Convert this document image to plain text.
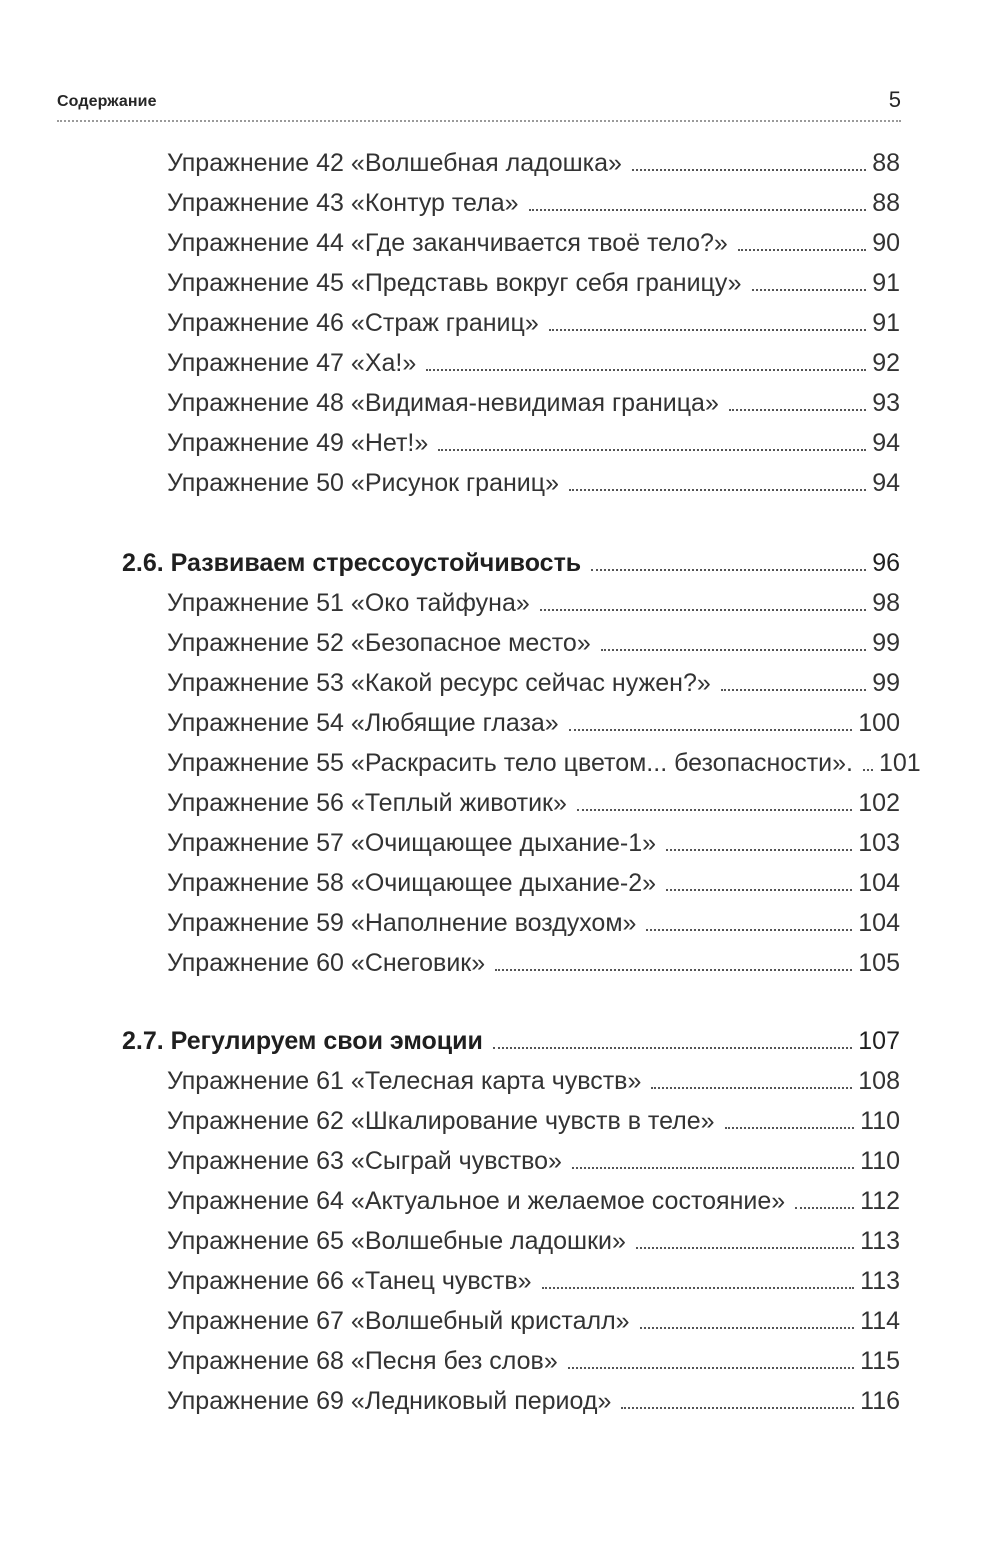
Содержание	5
Упражнение 42 «Волшебная ладошка»	88
Упражнение 43 «Контур тела»	88
Упражнение 44 «Где заканчивается твоё тело?»	90
Упражнение 45 «Представь вокруг себя границу»	91
Упражнение 46 «Страж границ»	91
Упражнение 47 «Ха!»	92
Упражнение 48 «Видимая-невидимая граница»	93
Упражнение 49 «Нет!»	94
Упражнение 50 «Рисунок границ»	94
2.6. Развиваем стрессоустойчивость	96
Упражнение 51 «Око тайфуна»	98
Упражнение 52 «Безопасное место»	99
Упражнение 53 «Какой ресурс сейчас нужен?»	99
Упражнение 54 «Любящие глаза»	100
Упражнение 55 «Раскрасить тело цветом... безопасности». 101
Упражнение 56 «Теплый животик»	102
Упражнение 57 «Очищающее дыхание-1»	103
Упражнение 58 «Очищающее дыхание-2»	104
Упражнение 59 «Наполнение воздухом»	104
Упражнение 60 «Снеговик»	105
2.7. Регулируем свои эмоции	107
Упражнение 61 «Телесная карта чувств»	108
Упражнение 62 «Шкалирование чувств в теле»	110
Упражнение 63 «Сыграй чувство»	110
Упражнение 64 «Актуальное и желаемое состояние»	112
Упражнение 65 «Волшебные ладошки»	113
Упражнение 66 «Танец чувств»	113
Упражнение 67 «Волшебный кристалл»	114
Упражнение 68 «Песня без слов»	115
Упражнение 69 «Ледниковый период»	116
